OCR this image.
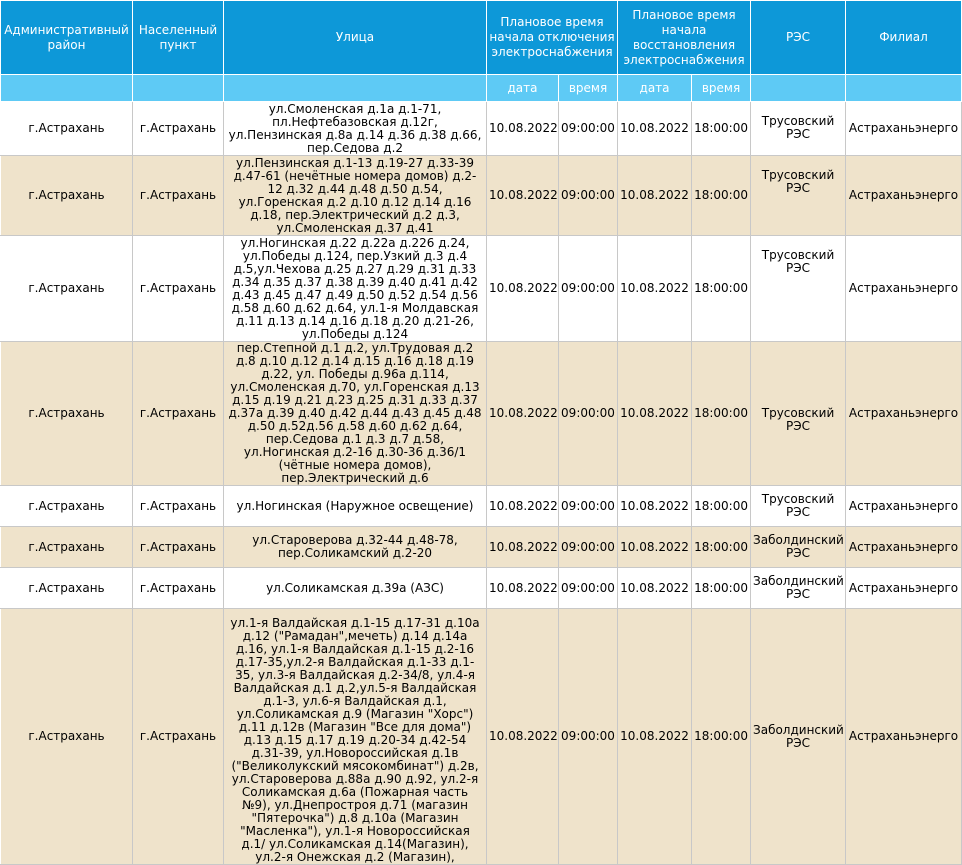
Административный район	Населенный пункт	Улица	Плановое время начала отключения электроснабжения		Плановое время начала восстановления электроснабжения		РЭС	Филиал
			дата	время	дата	время		
г.Астрахань	г.Астрахань	ул.Смоленская д.1а д.1-71, пл.Нефтебазовская д.12г, ул.Пензинская д.8а д.14 д.36 д.38 д.66, пер.Седова д.2	10.08.2022	09:00:00	10.08.2022	18:00:00	Трусовский РЭС	Астраханьэнерго
г.Астрахань	г.Астрахань	ул.Пензинская д.1-13 д.19-27 д.33-39 д.47-61 (нечётные номера домов) д.2-12 д.32 д.44 д.48 д.50 д.54, ул.Горенская д.2 д.10 д.12 д.14 д.16 д.18, пер.Электрический д.2 д.3, ул.Смоленская д.37 д.41	10.08.2022	09:00:00	10.08.2022	18:00:00	Трусовский РЭС	Астраханьэнерго
г.Астрахань	г.Астрахань	ул.Ногинская д.22 д.22а д.226 д.24, ул.Победы д.124, пер.Узкий д.3 д.4 д.5,ул.Чехова д.25 д.27 д.29 д.31 д.33 д.34 д.35 д.37 д.38 д.39 д.40 д.41 д.42 д.43 д.45 д.47 д.49 д.50 д.52 д.54 д.56 д.58 д.60 д.62 д.64, ул.1-я Молдавская д.11 д.13 д.14 д.16 д.18 д.20 д.21-26, ул.Победы д.124	10.08.2022	09:00:00	10.08.2022	18:00:00	Трусовский РЭС	Астраханьэнерго
г.Астрахань	г.Астрахань	пер.Степной д.1 д.2, ул.Трудовая д.2 д.8 д.10 д.12 д.14 д.15 д.16 д.18 д.19 д.22, ул. Победы д.96а д.114, ул.Смоленская д.70, ул.Горенская д.13 д.15 д.19 д.21 д.23 д.25 д.31 д.33 д.37 д.37а д.39 д.40 д.42 д.44 д.43 д.45 д.48 д.50 д.52д.56 д.58 д.60 д.62 д.64, пер.Седова д.1 д.3 д.7 д.58, ул.Ногинская д.2-16 д.30-36 д.36/1 (чётные номера домов), пер.Электрический д.6	10.08.2022	09:00:00	10.08.2022	18:00:00	Трусовский РЭС	Астраханьэнерго
г.Астрахань	г.Астрахань	ул.Ногинская (Наружное освещение)	10.08.2022	09:00:00	10.08.2022	18:00:00	Трусовский РЭС	Астраханьэнерго
г.Астрахань	г.Астрахань	ул.Староверова д.32-44 д.48-78, пер.Соликамский д.2-20	10.08.2022	09:00:00	10.08.2022	18:00:00	Заболдинский РЭС	Астраханьэнерго
г.Астрахань	г.Астрахань	ул.Соликамская д.39а (АЗС)	10.08.2022	09:00:00	10.08.2022	18:00:00	Заболдинский РЭС	Астраханьэнерго
г.Астрахань	г.Астрахань	ул.1-я Валдайская д.1-15 д.17-31 д.10а д.12 ("Рамадан",мечеть) д.14 д.14а д.16, ул.1-я Валдайская д.1-15 д.2-16 д.17-35,ул.2-я Валдайская д.1-33 д.1-35, ул.3-я Валдайская д.2-34/8, ул.4-я Валдайская д.1 д.2,ул.5-я Валдайская д.1-3, ул.6-я Валдайская д.1, ул.Соликамская д.9 (Магазин "Хорс") д.11 д.12в (Магазин "Все для дома") д.13 д.15 д.17 д.19 д.20-34 д.42-54 д.31-39, ул.Новороссийская д.1в ("Великолукский мясокомбинат") д.2в, ул.Староверова д.88а д.90 д.92, ул.2-я Соликамская д.6а (Пожарная часть №9), ул.Днепростроя д.71 (магазин "Пятерочка") д.8 д.10а (Магазин "Масленка"), ул.1-я Новороссийская д.1/ ул.Соликамская д.14(Магазин), ул.2-я Онежская д.2 (Магазин),	10.08.2022	09:00:00	10.08.2022	18:00:00	Заболдинский РЭС	Астраханьэнерго
